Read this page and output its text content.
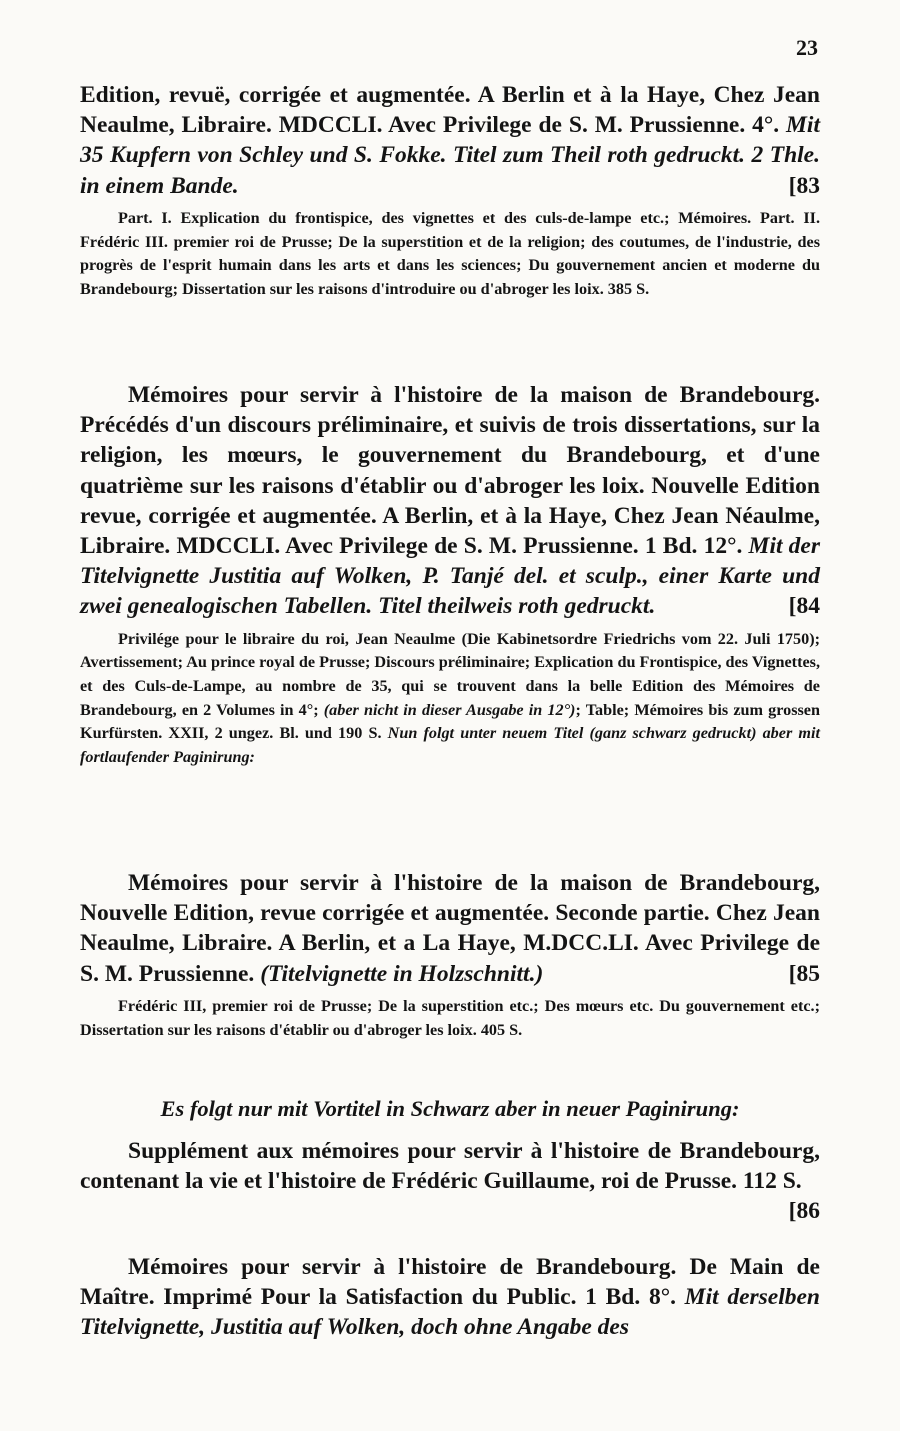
23

Edition, revuë, corrigée et augmentée. A Berlin et à la Haye, Chez Jean Neaulme, Libraire. MDCCLI. Avec Privilege de S. M. Prussienne. 4°. Mit 35 Kupfern von Schley und S. Fokke. Titel zum Theil roth gedruckt. 2 Thle. in einem Bande.	[83

Part. I. Explication du frontispice, des vignettes et des culs-de-lampe etc.; Mémoires. Part. II. Frédéric III. premier roi de Prusse; De la superstition et de la religion; des coutumes, de l'industrie, des progrès de l'esprit humain dans les arts et dans les sciences; Du gouvernement ancien et moderne du Brandebourg; Dissertation sur les raisons d'introduire ou d'abroger les loix. 385 S.

Mémoires pour servir à l'histoire de la maison de Brandebourg. Précédés d'un discours préliminaire, et suivis de trois dissertations, sur la religion, les mœurs, le gouvernement du Brandebourg, et d'une quatrième sur les raisons d'établir ou d'abroger les loix. Nouvelle Edition revue, corrigée et augmentée. A Berlin, et à la Haye, Chez Jean Néaulme, Libraire. MDCCLI. Avec Privilege de S. M. Prussienne. 1 Bd. 12°. Mit der Titelvignette Justitia auf Wolken, P. Tanjé del. et sculp., einer Karte und zwei genealogischen Tabellen. Titel theilweis roth gedruckt.	[84

Privilége pour le libraire du roi, Jean Neaulme (Die Kabinetsordre Friedrichs vom 22. Juli 1750); Avertissement; Au prince royal de Prusse; Discours préliminaire; Explication du Frontispice, des Vignettes, et des Culs-de-Lampe, au nombre de 35, qui se trouvent dans la belle Edition des Mémoires de Brandebourg, en 2 Volumes in 4°; (aber nicht in dieser Ausgabe in 12°); Table; Mémoires bis zum grossen Kurfürsten. XXII, 2 ungez. Bl. und 190 S. Nun folgt unter neuem Titel (ganz schwarz gedruckt) aber mit fortlaufender Paginirung:

Mémoires pour servir à l'histoire de la maison de Brandebourg, Nouvelle Edition, revue corrigée et augmentée. Seconde partie. Chez Jean Neaulme, Libraire. A Berlin, et a La Haye, M.DCC.LI. Avec Privilege de S. M. Prussienne. (Titelvignette in Holzschnitt.)	[85

Frédéric III, premier roi de Prusse; De la superstition etc.; Des mœurs etc. Du gouvernement etc.; Dissertation sur les raisons d'établir ou d'abroger les loix. 405 S.

Es folgt nur mit Vortitel in Schwarz aber in neuer Paginirung:

Supplément aux mémoires pour servir à l'histoire de Brandebourg, contenant la vie et l'histoire de Frédéric Guillaume, roi de Prusse. 112 S.
[86

Mémoires pour servir à l'histoire de Brandebourg. De Main de Maître. Imprimé Pour la Satisfaction du Public. 1 Bd. 8°. Mit derselben Titelvignette, Justitia auf Wolken, doch ohne Angabe des
